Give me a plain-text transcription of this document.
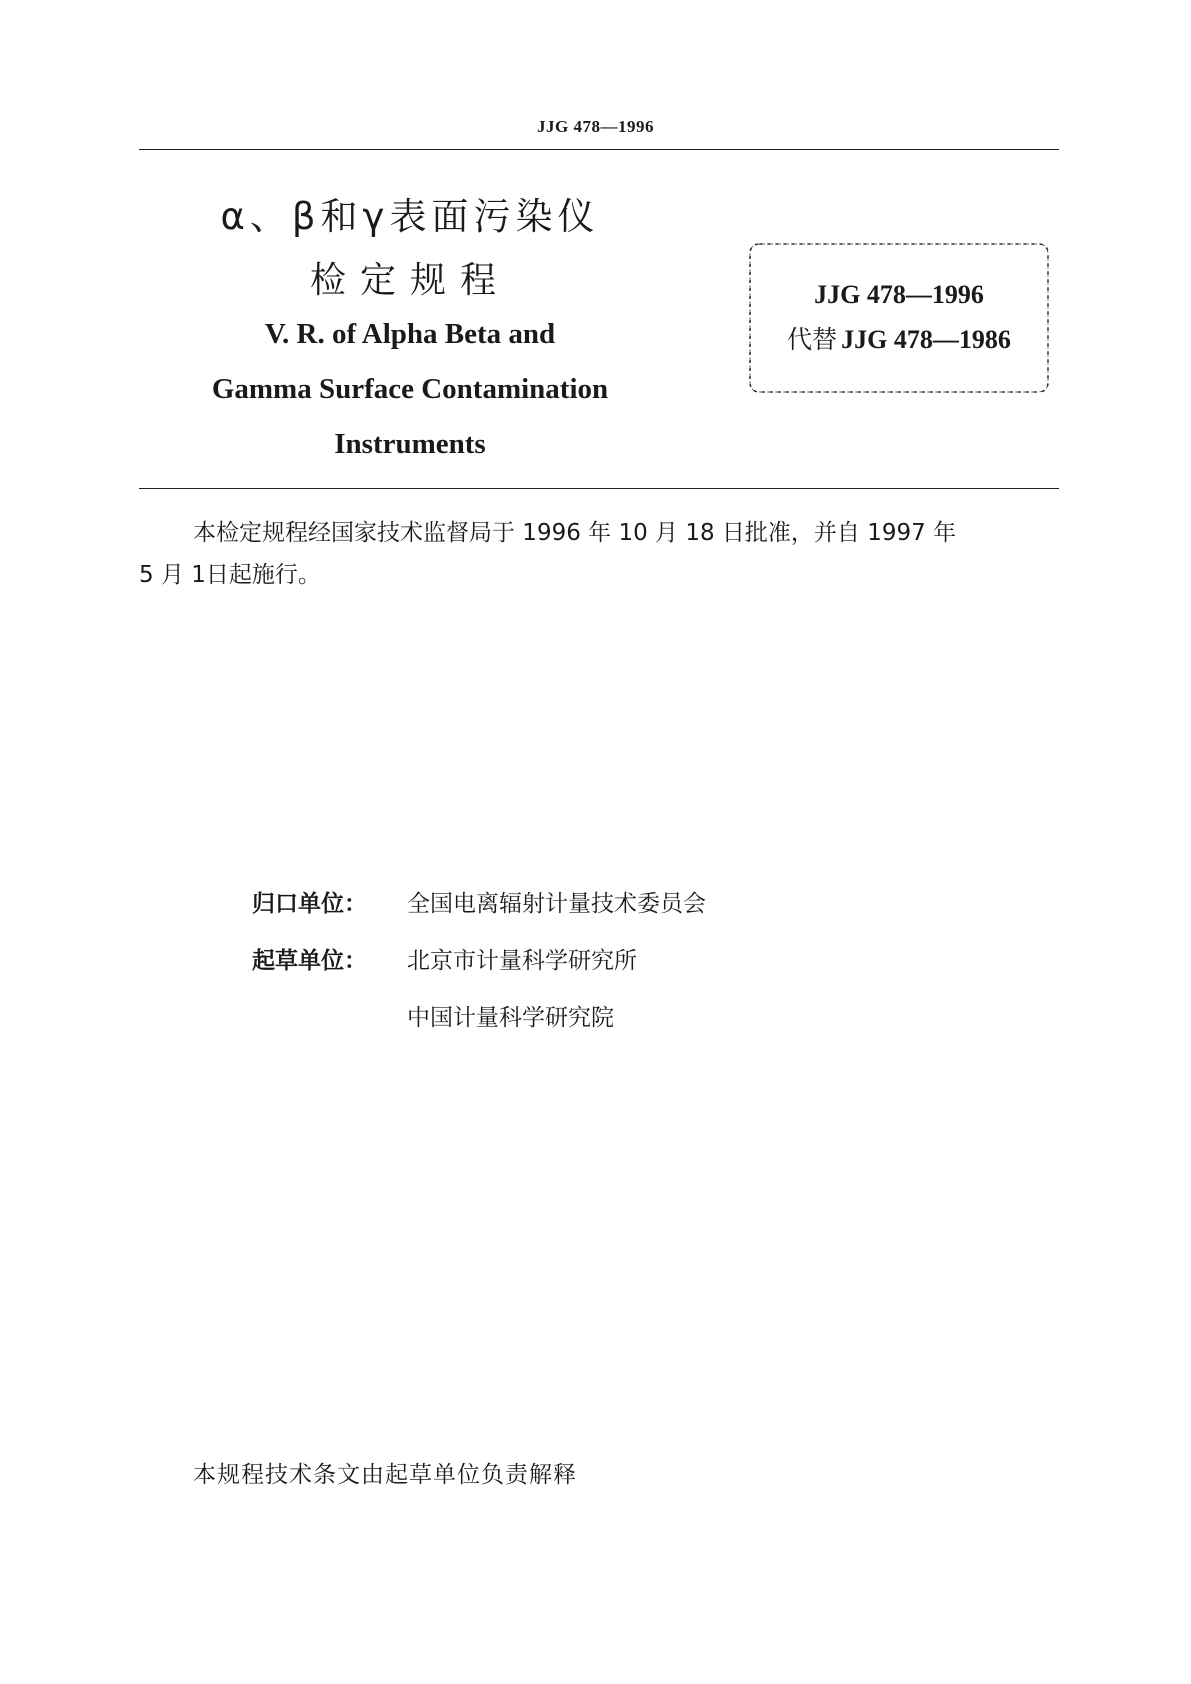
JJG 478—1996
α、β和γ表面污染仪
检定规程
V. R. of Alpha Beta and
Gamma Surface Contamination
Instruments
JJG 478—1996
代替 JJG 478—1986
本检定规程经国家技术监督局于 1996 年 10 月 18 日批准，并自 1997 年
5 月 1日起施行。
归口单位： 全国电离辐射计量技术委员会
起草单位： 北京市计量科学研究所
中国计量科学研究院
本规程技术条文由起草单位负责解释
